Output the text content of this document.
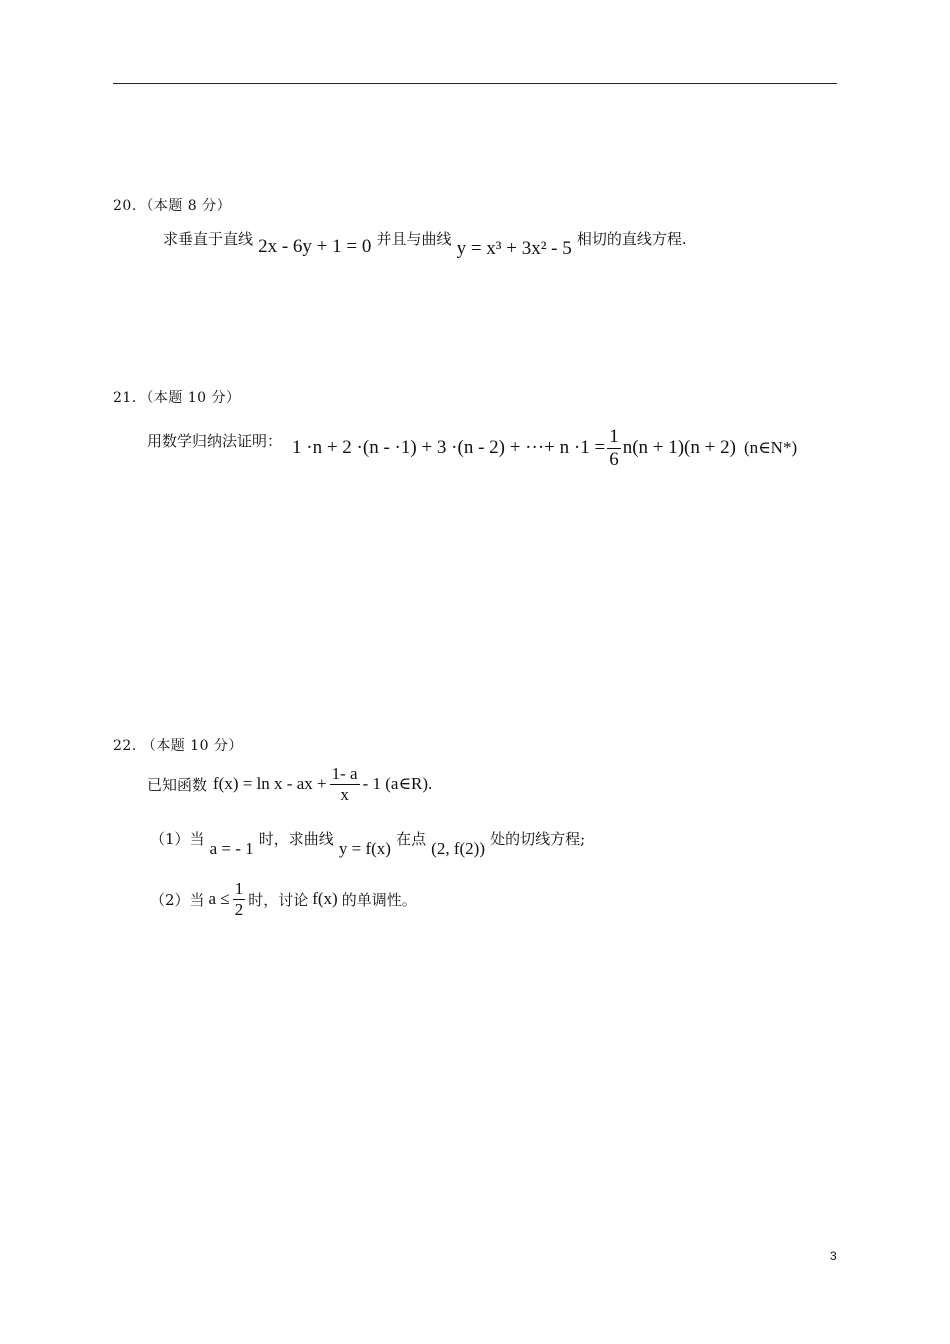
20．（本题 8 分）
求垂直于直线 2x - 6y + 1 = 0 并且与曲线 y = x³ + 3x² - 5 相切的直线方程.
21．（本题 10 分）
用数学归纳法证明： 1 ·n + 2 ·(n - ·1) + 3 ·(n - 2) + ···+ $n \cdot 1 = \frac{1}{6} n(n + 1)(n + 2)$ (n∈N*)
22. （本题 10 分）
已知函数 f(x) = ln x - ax + $\frac{1- a}{x} - 1$ (a∈R).
（1）当 a = - 1 时，求曲线 y = f(x) 在点 (2, f(2)) 处的切线方程;
（2）当 $a \le \frac{1}{2}$ 时，讨论 f(x) 的单调性。
3
